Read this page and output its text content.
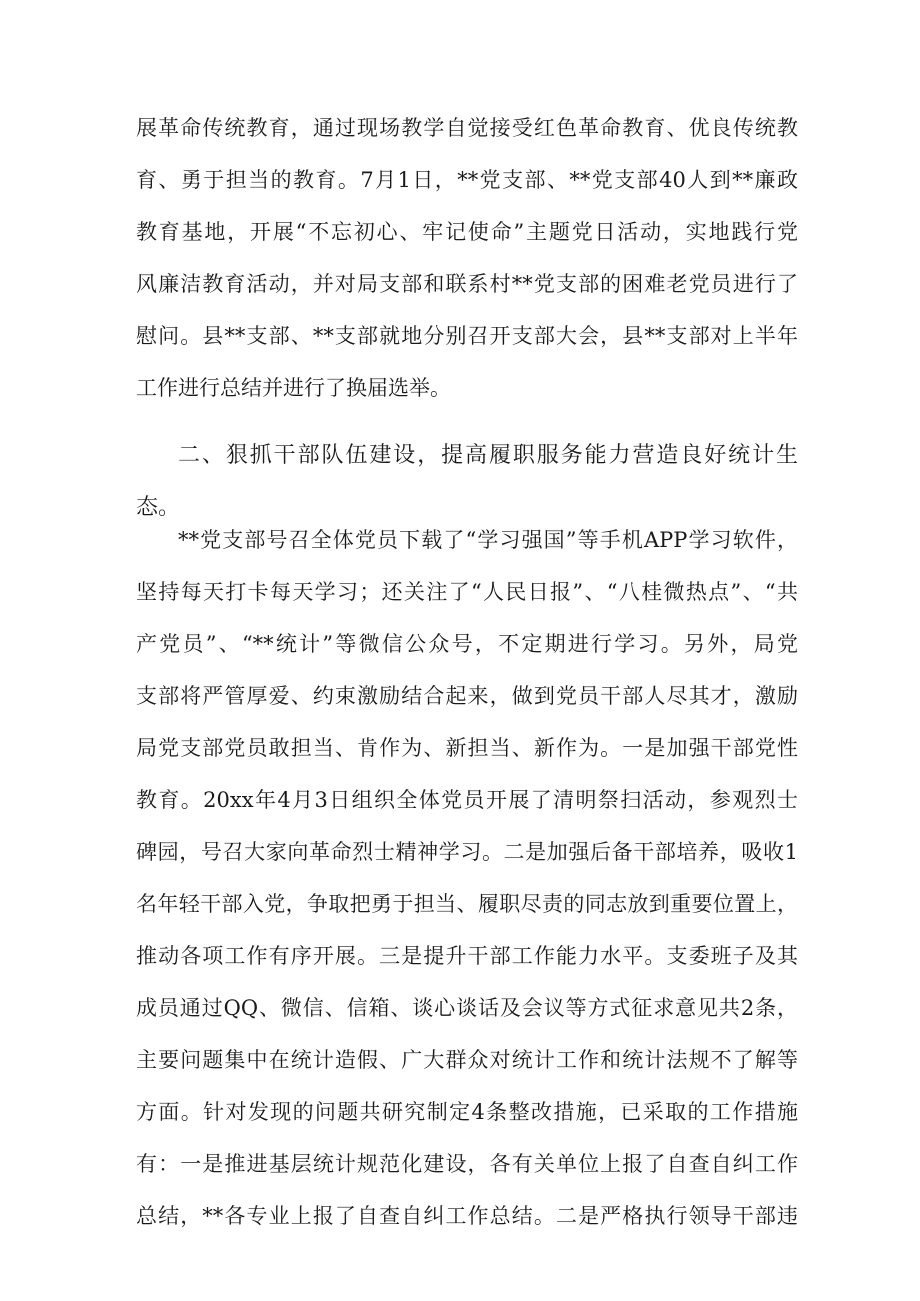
展革命传统教育，通过现场教学自觉接受红色革命教育、优良传统教
育、勇于担当的教育。7月1日，**党支部、**党支部40人到**廉政
教育基地，开展“不忘初心、牢记使命”主题党日活动，实地践行党
风廉洁教育活动，并对局支部和联系村**党支部的困难老党员进行了
慰问。县**支部、**支部就地分别召开支部大会，县**支部对上半年
工作进行总结并进行了换届选举。
二、狠抓干部队伍建设，提高履职服务能力营造良好统计生
态。
**党支部号召全体党员下载了“学习强国”等手机APP学习软件，
坚持每天打卡每天学习；还关注了“人民日报”、“八桂微热点”、“共
产党员”、“**统计”等微信公众号，不定期进行学习。另外，局党
支部将严管厚爱、约束激励结合起来，做到党员干部人尽其才，激励
局党支部党员敢担当、肯作为、新担当、新作为。一是加强干部党性
教育。20xx年4月3日组织全体党员开展了清明祭扫活动，参观烈士
碑园，号召大家向革命烈士精神学习。二是加强后备干部培养，吸收1
名年轻干部入党，争取把勇于担当、履职尽责的同志放到重要位置上，
推动各项工作有序开展。三是提升干部工作能力水平。支委班子及其
成员通过QQ、微信、信箱、谈心谈话及会议等方式征求意见共2条，
主要问题集中在统计造假、广大群众对统计工作和统计法规不了解等
方面。针对发现的问题共研究制定4条整改措施，已采取的工作措施
有：一是推进基层统计规范化建设，各有关单位上报了自查自纠工作
总结，**各专业上报了自查自纠工作总结。二是严格执行领导干部违
